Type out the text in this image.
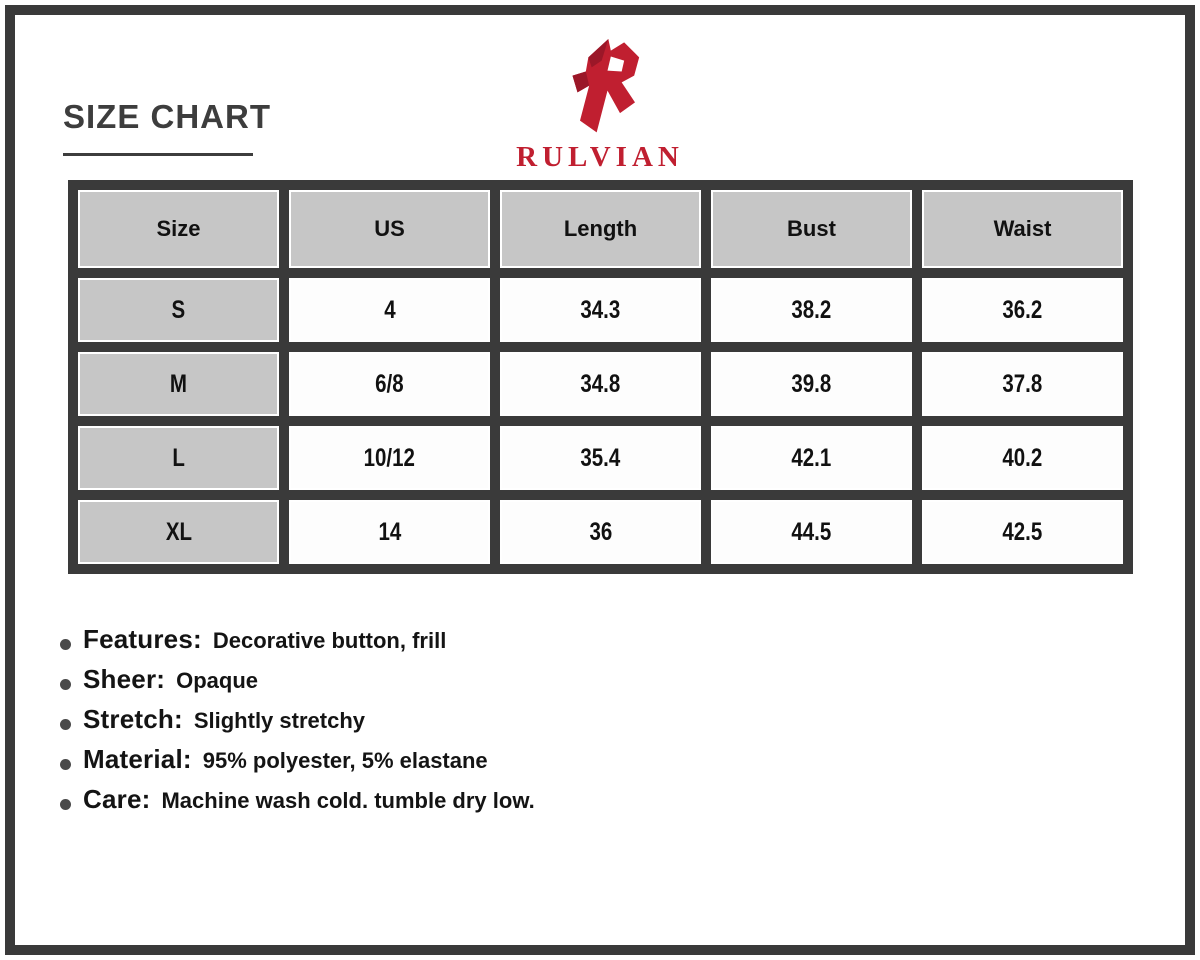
SIZE CHART
RULVIAN
Size	US	Length	Bust	Waist
S	4	34.3	38.2	36.2
M	6/8	34.8	39.8	37.8
L	10/12	35.4	42.1	40.2
XL	14	36	44.5	42.5
Features: Decorative button, frill
Sheer: Opaque
Stretch: Slightly stretchy
Material: 95% polyester, 5% elastane
Care: Machine wash cold. tumble dry low.
